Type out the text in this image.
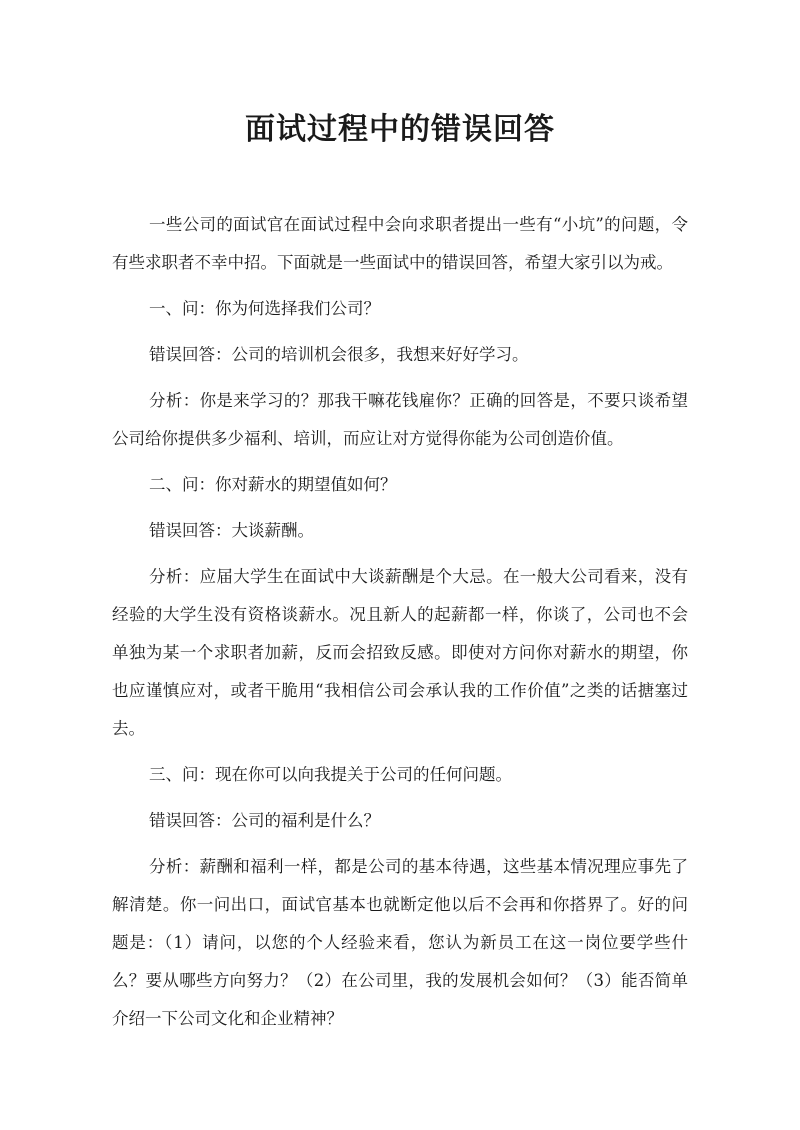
面试过程中的错误回答

一些公司的面试官在面试过程中会向求职者提出一些有“小坑”的问题，令有些求职者不幸中招。下面就是一些面试中的错误回答，希望大家引以为戒。

一、问：你为何选择我们公司？

错误回答：公司的培训机会很多，我想来好好学习。

分析：你是来学习的？那我干嘛花钱雇你？正确的回答是，不要只谈希望公司给你提供多少福利、培训，而应让对方觉得你能为公司创造价值。

二、问：你对薪水的期望值如何？

错误回答：大谈薪酬。

分析：应届大学生在面试中大谈薪酬是个大忌。在一般大公司看来，没有经验的大学生没有资格谈薪水。况且新人的起薪都一样，你谈了，公司也不会单独为某一个求职者加薪，反而会招致反感。即使对方问你对薪水的期望，你也应谨慎应对，或者干脆用“我相信公司会承认我的工作价值”之类的话搪塞过去。

三、问：现在你可以向我提关于公司的任何问题。

错误回答：公司的福利是什么？

分析：薪酬和福利一样，都是公司的基本待遇，这些基本情况理应事先了解清楚。你一问出口，面试官基本也就断定他以后不会再和你搭界了。好的问题是：（1）请问，以您的个人经验来看，您认为新员工在这一岗位要学些什么？要从哪些方向努力？（2）在公司里，我的发展机会如何？（3）能否简单介绍一下公司文化和企业精神？
